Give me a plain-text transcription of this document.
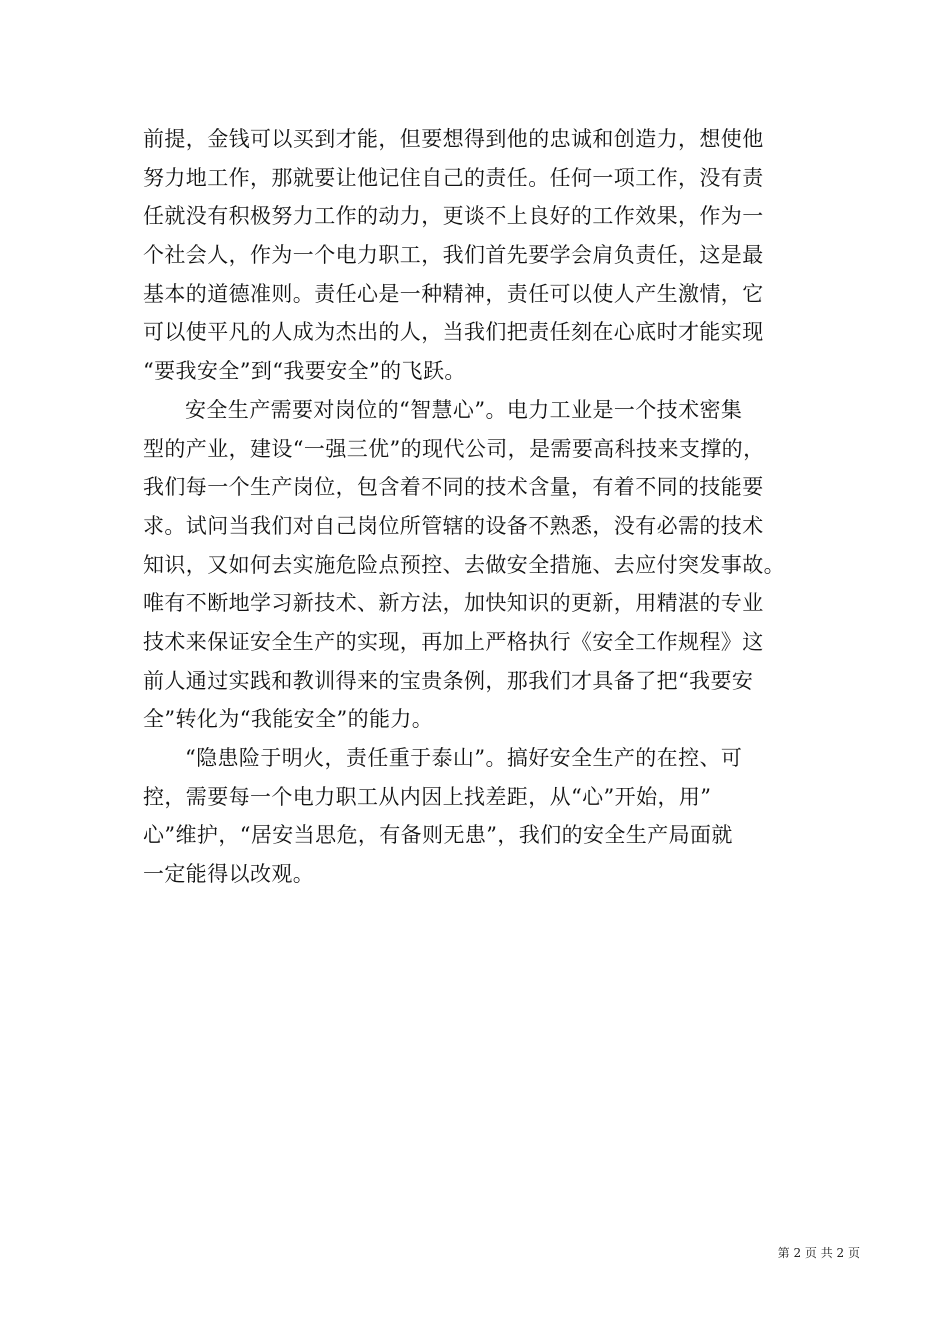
前提，金钱可以买到才能，但要想得到他的忠诚和创造力，想使他
努力地工作，那就要让他记住自己的责任。任何一项工作，没有责
任就没有积极努力工作的动力，更谈不上良好的工作效果，作为一
个社会人，作为一个电力职工，我们首先要学会肩负责任，这是最
基本的道德准则。责任心是一种精神，责任可以使人产生激情，它
可以使平凡的人成为杰出的人，当我们把责任刻在心底时才能实现
“要我安全”到“我要安全”的飞跃。
安全生产需要对岗位的“智慧心”。电力工业是一个技术密集
型的产业，建设“一强三优”的现代公司，是需要高科技来支撑的，
我们每一个生产岗位，包含着不同的技术含量，有着不同的技能要
求。试问当我们对自己岗位所管辖的设备不熟悉，没有必需的技术
知识，又如何去实施危险点预控、去做安全措施、去应付突发事故。
唯有不断地学习新技术、新方法，加快知识的更新，用精湛的专业
技术来保证安全生产的实现，再加上严格执行《安全工作规程》这
前人通过实践和教训得来的宝贵条例，那我们才具备了把“我要安
全”转化为“我能安全”的能力。
“隐患险于明火，责任重于泰山”。搞好安全生产的在控、可
控，需要每一个电力职工从内因上找差距，从“心”开始，用”
心”维护，“居安当思危，有备则无患”，我们的安全生产局面就
一定能得以改观。
第 2 页 共 2 页
